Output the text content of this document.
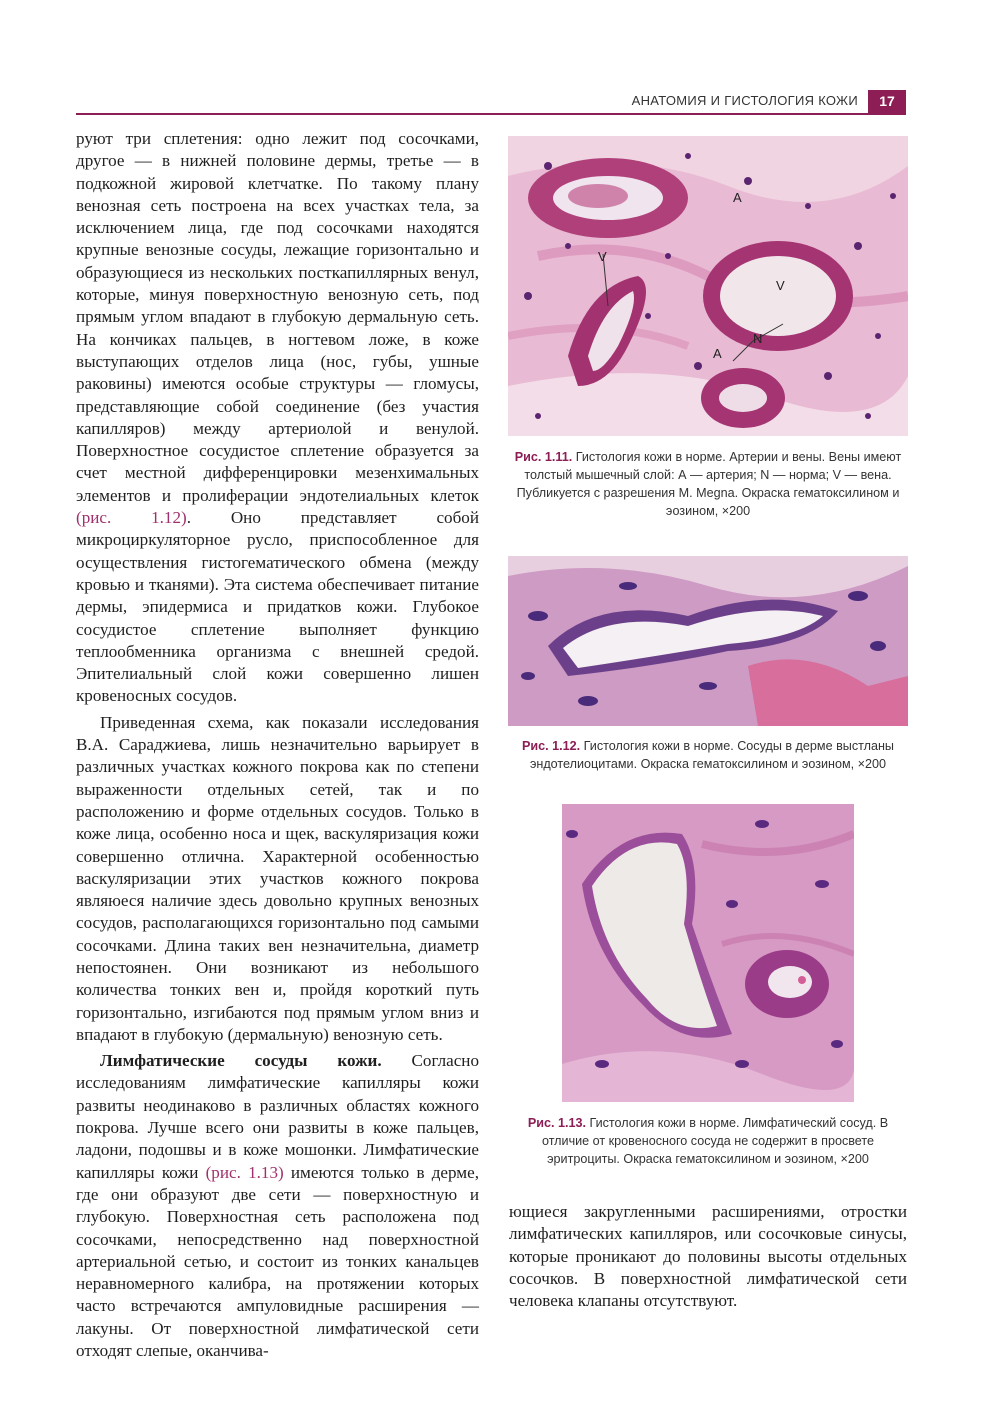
АНАТОМИЯ И ГИСТОЛОГИЯ КОЖИ	17

руют три сплетения: одно лежит под сосочками, другое — в нижней половине дермы, третье — в подкожной жировой клетчатке. По такому плану венозная сеть построена на всех участках тела, за исключением лица, где под сосочками находятся крупные венозные сосуды, лежащие горизонтально и образующиеся из нескольких посткапиллярных венул, которые, минуя поверхностную венозную сеть, под прямым углом впадают в глубокую дермальную сеть. На кончиках пальцев, в ногтевом ложе, в коже выступающих отделов лица (нос, губы, ушные раковины) имеются особые структуры — гломусы, представляющие собой соединение (без участия капилляров) между артериолой и венулой. Поверхностное сосудистое сплетение образуется за счет местной дифференцировки мезенхимальных элементов и пролиферации эндотелиальных клеток (рис. 1.12). Оно представляет собой микроциркуляторное русло, приспособленное для осуществления гистогематического обмена (между кровью и тканями). Эта система обеспечивает питание дермы, эпидермиса и придатков кожи. Глубокое сосудистое сплетение выполняет функцию теплообменника организма с внешней средой. Эпителиальный слой кожи совершенно лишен кровеносных сосудов.

Приведенная схема, как показали исследования В.А. Сараджиева, лишь незначительно варьирует в различных участках кожного покрова как по степени выраженности отдельных сетей, так и по расположению и форме отдельных сосудов. Только в коже лица, особенно носа и щек, васкуляризация кожи совершенно отлична. Характерной особенностью васкуляризации этих участков кожного покрова являюеся наличие здесь довольно крупных венозных сосудов, располагающихся горизонтально под самыми сосочками. Длина таких вен незначительна, диаметр непостоянен. Они возникают из небольшого количества тонких вен и, пройдя короткий путь горизонтально, изгибаются под прямым углом вниз и впадают в глубокую (дермальную) венозную сеть.

Лимфатические сосуды кожи. Согласно исследованиям лимфатические капилляры кожи развиты неодинаково в различных областях кожного покрова. Лучше всего они развиты в коже пальцев, ладони, подошвы и в коже мошонки. Лимфатические капилляры кожи (рис. 1.13) имеются только в дерме, где они образуют две сети — поверхностную и глубокую. Поверхностная сеть расположена под сосочками, непосредственно над поверхностной артериальной сетью, и состоит из тонких канальцев неравномерного калибра, на протяжении которых часто встречаются ампуловидные расширения — лакуны. От поверхностной лимфатической сети отходят слепые, оканчива-

A
V
V
N
A
Рис. 1.11. Гистология кожи в норме. Артерии и вены. Вены имеют толстый мышечный слой: А — артерия; N — норма; V — вена. Публикуется с разрешения M. Megna. Окраска гематоксилином и эозином, ×200
Рис. 1.12. Гистология кожи в норме. Сосуды в дерме выстланы эндотелиоцитами. Окраска гематоксилином и эозином, ×200
Рис. 1.13. Гистология кожи в норме. Лимфатический сосуд. В отличие от кровеносного сосуда не содержит в просвете эритроциты. Окраска гематоксилином и эозином, ×200

ющиеся закругленными расширениями, отростки лимфатических капилляров, или сосочковые синусы, которые проникают до половины высоты отдельных сосочков. В поверхностной лимфатической сети человека клапаны отсутствуют.
